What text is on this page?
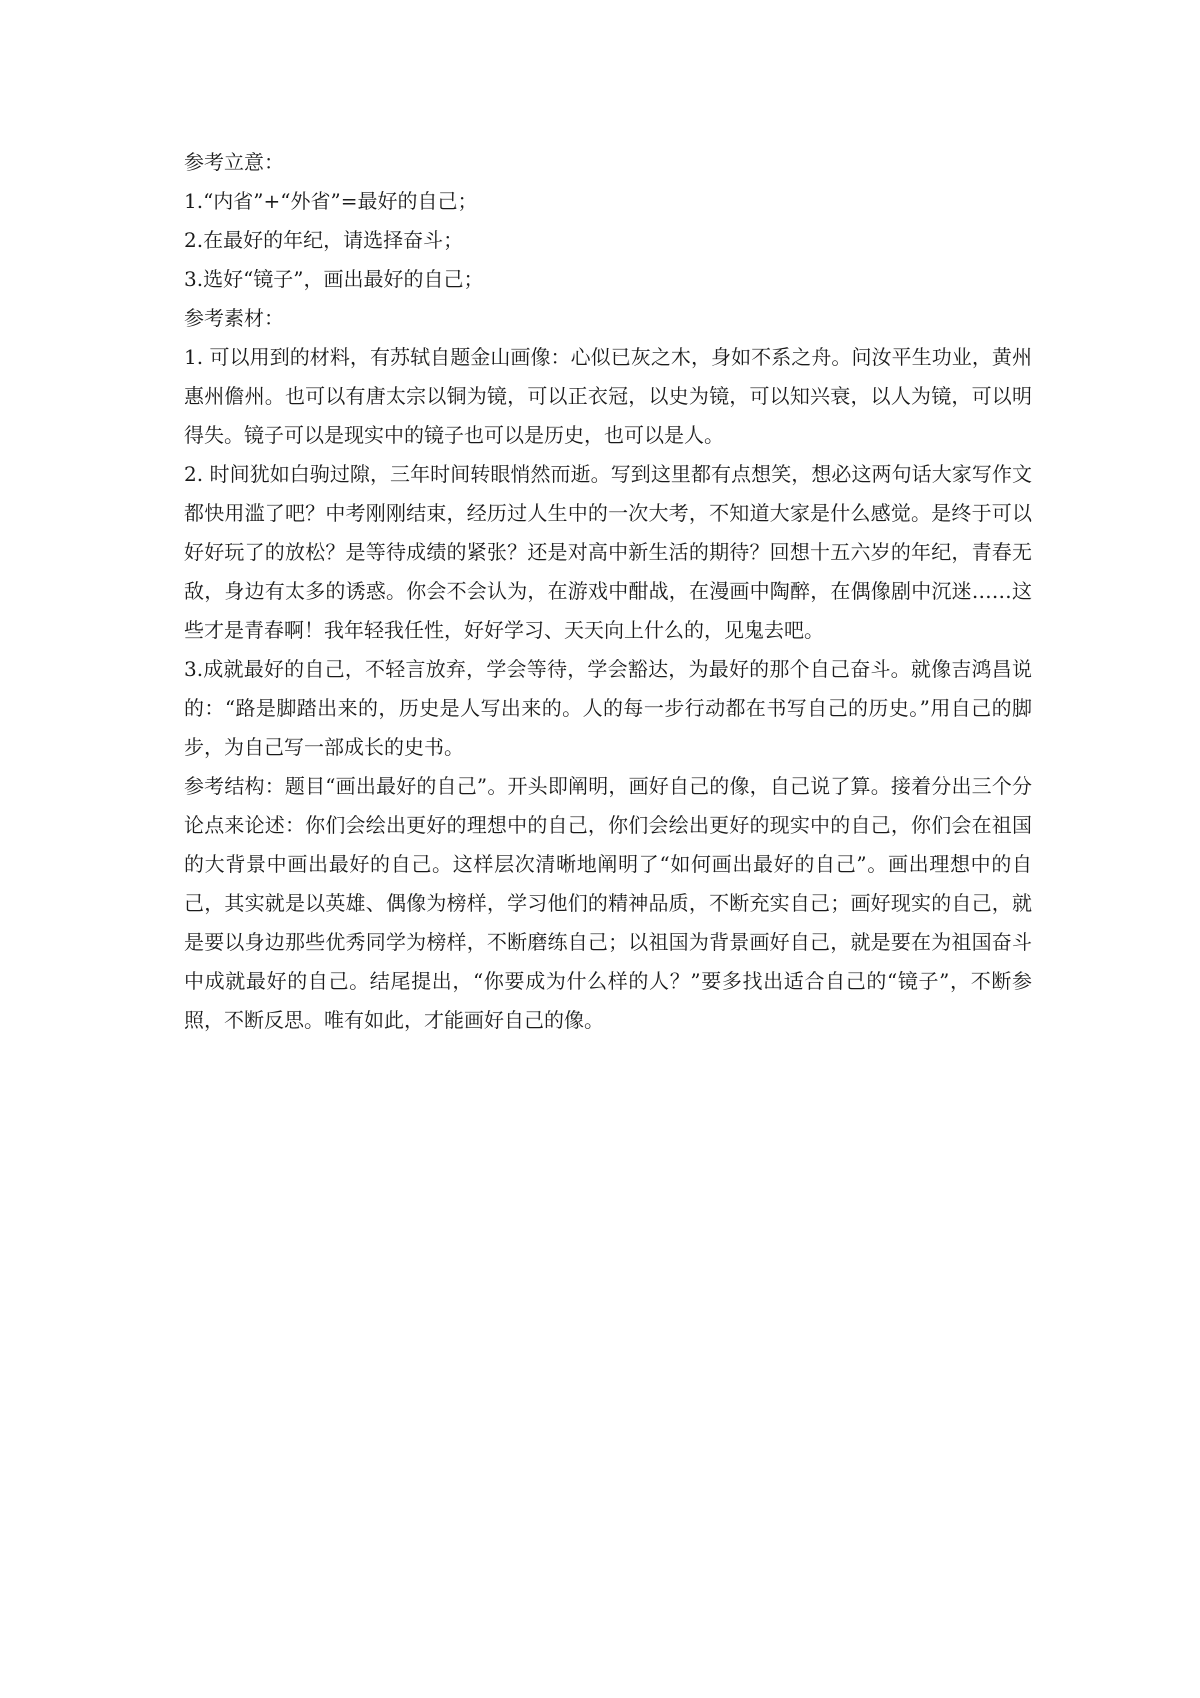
参考立意：

1.“内省”+“外省”=最好的自己；

2.在最好的年纪，请选择奋斗；

3.选好“镜子”，画出最好的自己；

参考素材：

1. 可以用到的材料，有苏轼自题金山画像：心似已灰之木，身如不系之舟。问汝平生功业，黄州惠州儋州。也可以有唐太宗以铜为镜，可以正衣冠，以史为镜，可以知兴衰，以人为镜，可以明得失。镜子可以是现实中的镜子也可以是历史，也可以是人。

2. 时间犹如白驹过隙，三年时间转眼悄然而逝。写到这里都有点想笑，想必这两句话大家写作文都快用滥了吧？中考刚刚结束，经历过人生中的一次大考，不知道大家是什么感觉。是终于可以好好玩了的放松？是等待成绩的紧张？还是对高中新生活的期待？回想十五六岁的年纪，青春无敌，身边有太多的诱惑。你会不会认为，在游戏中酣战，在漫画中陶醉，在偶像剧中沉迷……这些才是青春啊！我年轻我任性，好好学习、天天向上什么的，见鬼去吧。

3.成就最好的自己，不轻言放弃，学会等待，学会豁达，为最好的那个自己奋斗。就像吉鸿昌说的：“路是脚踏出来的，历史是人写出来的。人的每一步行动都在书写自己的历史。”用自己的脚步，为自己写一部成长的史书。

参考结构：题目“画出最好的自己”。开头即阐明，画好自己的像，自己说了算。接着分出三个分论点来论述：你们会绘出更好的理想中的自己，你们会绘出更好的现实中的自己，你们会在祖国的大背景中画出最好的自己。这样层次清晰地阐明了“如何画出最好的自己”。画出理想中的自己，其实就是以英雄、偶像为榜样，学习他们的精神品质，不断充实自己；画好现实的自己，就是要以身边那些优秀同学为榜样，不断磨练自己；以祖国为背景画好自己，就是要在为祖国奋斗中成就最好的自己。结尾提出，“你要成为什么样的人？”要多找出适合自己的“镜子”，不断参照，不断反思。唯有如此，才能画好自己的像。
